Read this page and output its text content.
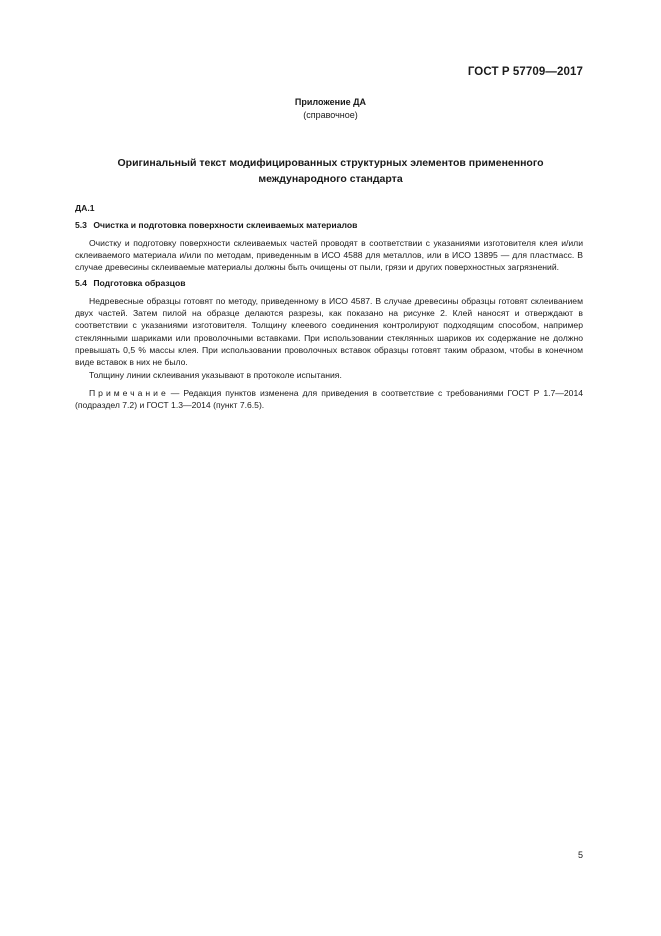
ГОСТ Р 57709—2017
Приложение ДА
(справочное)
Оригинальный текст модифицированных структурных элементов примененного
международного стандарта
ДА.1
5.3 Очистка и подготовка поверхности склеиваемых материалов

Очистку и подготовку поверхности склеиваемых частей проводят в соответствии с указаниями изготовителя клея и/или склеиваемого материала и/или по методам, приведенным в ИСО 4588 для металлов, или в ИСО 13895 — для пластмасс. В случае древесины склеиваемые материалы должны быть очищены от пыли, грязи и других поверхностных загрязнений.

5.4 Подготовка образцов

Недревесные образцы готовят по методу, приведенному в ИСО 4587. В случае древесины образцы готовят склеиванием двух частей. Затем пилой на образце делаются разрезы, как показано на рисунке 2. Клей наносят и отверждают в соответствии с указаниями изготовителя. Толщину клеевого соединения контролируют подходящим способом, например стеклянными шариками или проволочными вставками. При использовании стеклянных шариков их содержание не должно превышать 0,5 % массы клея. При использовании проволочных вставок образцы готовят таким образом, чтобы в конечном виде вставок в них не было.

Толщину линии склеивания указывают в протоколе испытания.

Примечание — Редакция пунктов изменена для приведения в соответствие с требованиями ГОСТ Р 1.7—2014 (подраздел 7.2) и ГОСТ 1.3—2014 (пункт 7.6.5).

5
